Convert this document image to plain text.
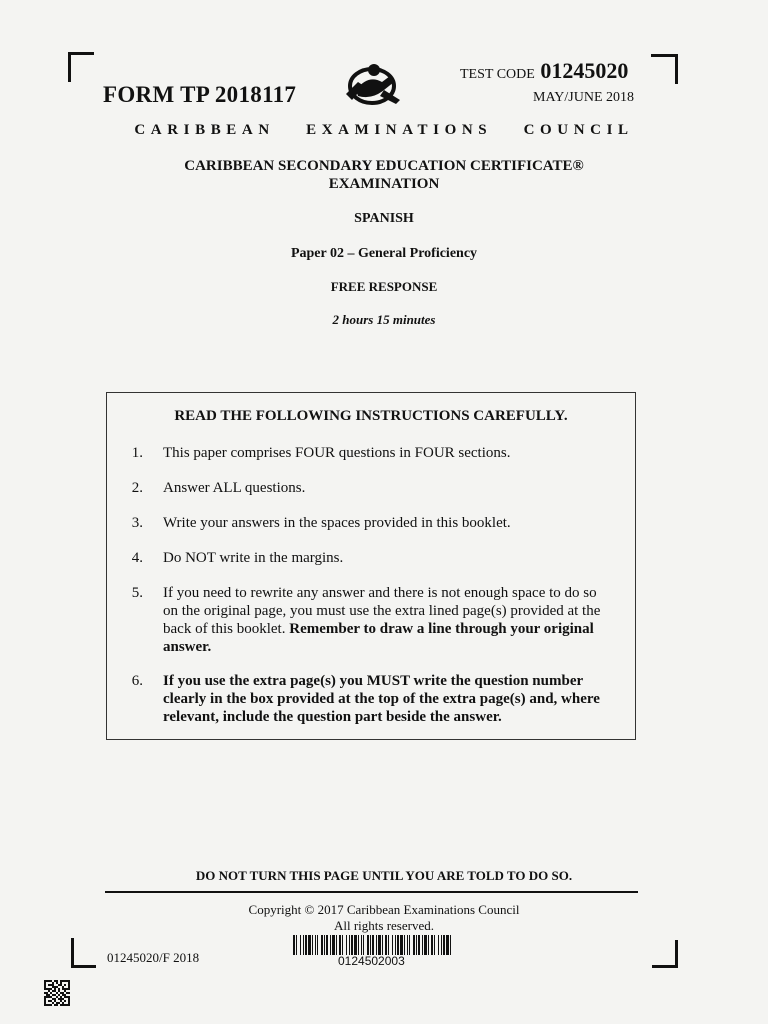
FORM TP 2018117
TEST CODE 01245020
MAY/JUNE 2018
CARIBBEAN EXAMINATIONS COUNCIL
CARIBBEAN SECONDARY EDUCATION CERTIFICATE®
EXAMINATION
SPANISH
Paper 02 – General Proficiency
FREE RESPONSE
2 hours 15 minutes
READ THE FOLLOWING INSTRUCTIONS CAREFULLY.
1. This paper comprises FOUR questions in FOUR sections.
2. Answer ALL questions.
3. Write your answers in the spaces provided in this booklet.
4. Do NOT write in the margins.
5. If you need to rewrite any answer and there is not enough space to do so on the original page, you must use the extra lined page(s) provided at the back of this booklet. Remember to draw a line through your original answer.
6. If you use the extra page(s) you MUST write the question number clearly in the box provided at the top of the extra page(s) and, where relevant, include the question part beside the answer.
DO NOT TURN THIS PAGE UNTIL YOU ARE TOLD TO DO SO.
Copyright © 2017 Caribbean Examinations Council
All rights reserved.
01245020/F 2018	0124502003
